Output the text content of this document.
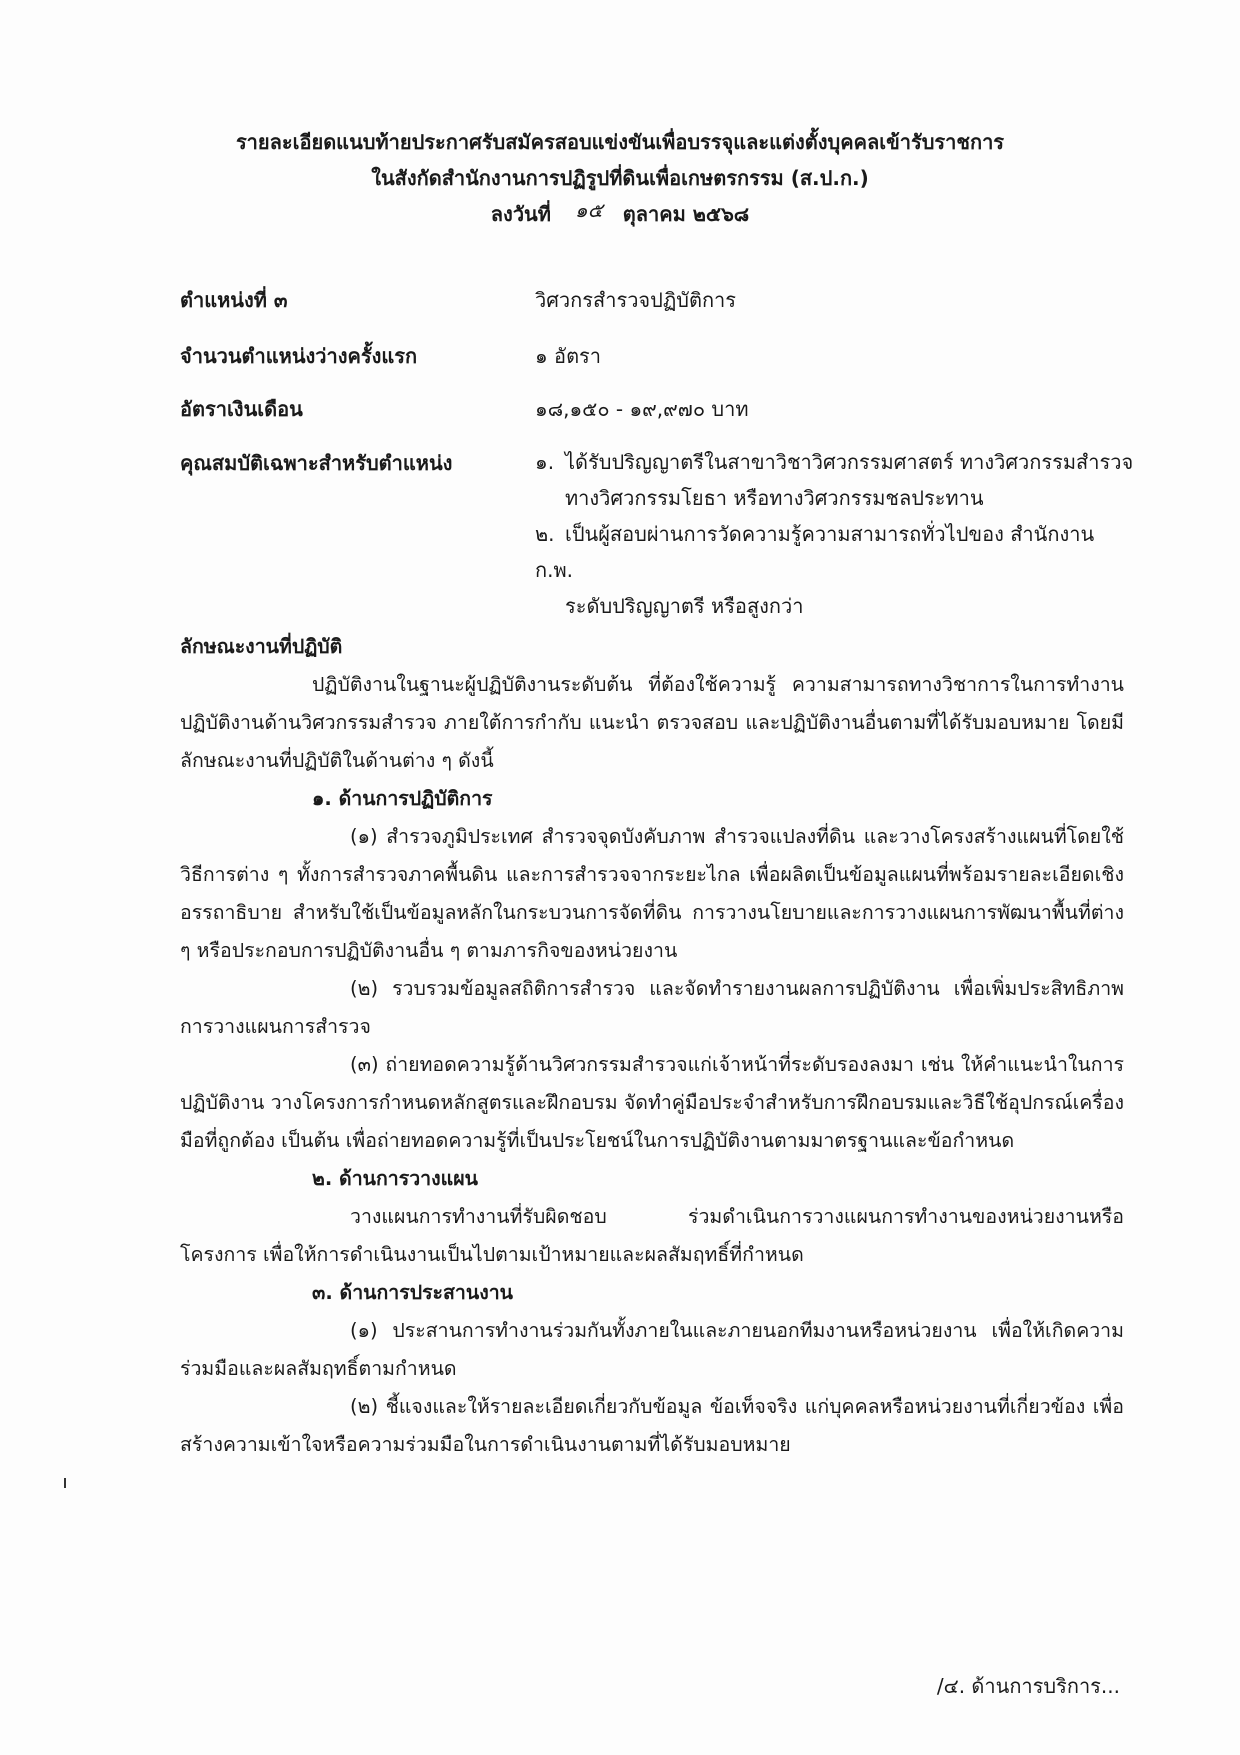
รายละเอียดแนบท้ายประกาศรับสมัครสอบแข่งขันเพื่อบรรจุและแต่งตั้งบุคคลเข้ารับราชการ
ในสังกัดสำนักงานการปฏิรูปที่ดินเพื่อเกษตรกรรม (ส.ป.ก.)
ลงวันที่ ๑๕ ตุลาคม ๒๕๖๘
ตำแหน่งที่ ๓	วิศวกรสำรวจปฏิบัติการ
จำนวนตำแหน่งว่างครั้งแรก	๑ อัตรา
อัตราเงินเดือน	๑๘,๑๕๐ - ๑๙,๙๗๐ บาท
คุณสมบัติเฉพาะสำหรับตำแหน่ง	๑. ได้รับปริญญาตรีในสาขาวิชาวิศวกรรมศาสตร์ ทางวิศวกรรมสำรวจ
ทางวิศวกรรมโยธา หรือทางวิศวกรรมชลประทาน
๒. เป็นผู้สอบผ่านการวัดความรู้ความสามารถทั่วไปของ สำนักงาน ก.พ.
ระดับปริญญาตรี หรือสูงกว่า

ลักษณะงานที่ปฏิบัติ

ปฏิบัติงานในฐานะผู้ปฏิบัติงานระดับต้น ที่ต้องใช้ความรู้ ความสามารถทางวิชาการในการทำงานปฏิบัติงานด้านวิศวกรรมสำรวจ ภายใต้การกำกับ แนะนำ ตรวจสอบ และปฏิบัติงานอื่นตามที่ได้รับมอบหมาย โดยมีลักษณะงานที่ปฏิบัติในด้านต่าง ๆ ดังนี้

๑. ด้านการปฏิบัติการ

(๑) สำรวจภูมิประเทศ สำรวจจุดบังคับภาพ สำรวจแปลงที่ดิน และวางโครงสร้างแผนที่โดยใช้วิธีการต่าง ๆ ทั้งการสำรวจภาคพื้นดิน และการสำรวจจากระยะไกล เพื่อผลิตเป็นข้อมูลแผนที่พร้อมรายละเอียดเชิงอรรถาธิบาย สำหรับใช้เป็นข้อมูลหลักในกระบวนการจัดที่ดิน การวางนโยบายและการวางแผนการพัฒนาพื้นที่ต่าง ๆ หรือประกอบการปฏิบัติงานอื่น ๆ ตามภารกิจของหน่วยงาน

(๒) รวบรวมข้อมูลสถิติการสำรวจ และจัดทำรายงานผลการปฏิบัติงาน เพื่อเพิ่มประสิทธิภาพการวางแผนการสำรวจ

(๓) ถ่ายทอดความรู้ด้านวิศวกรรมสำรวจแก่เจ้าหน้าที่ระดับรองลงมา เช่น ให้คำแนะนำในการปฏิบัติงาน วางโครงการกำหนดหลักสูตรและฝึกอบรม จัดทำคู่มือประจำสำหรับการฝึกอบรมและวิธีใช้อุปกรณ์เครื่องมือที่ถูกต้อง เป็นต้น เพื่อถ่ายทอดความรู้ที่เป็นประโยชน์ในการปฏิบัติงานตามมาตรฐานและข้อกำหนด

๒. ด้านการวางแผน

วางแผนการทำงานที่รับผิดชอบ ร่วมดำเนินการวางแผนการทำงานของหน่วยงานหรือโครงการ เพื่อให้การดำเนินงานเป็นไปตามเป้าหมายและผลสัมฤทธิ์ที่กำหนด

๓. ด้านการประสานงาน

(๑) ประสานการทำงานร่วมกันทั้งภายในและภายนอกทีมงานหรือหน่วยงาน เพื่อให้เกิดความร่วมมือและผลสัมฤทธิ์ตามกำหนด

(๒) ชี้แจงและให้รายละเอียดเกี่ยวกับข้อมูล ข้อเท็จจริง แก่บุคคลหรือหน่วยงานที่เกี่ยวข้อง เพื่อสร้างความเข้าใจหรือความร่วมมือในการดำเนินงานตามที่ได้รับมอบหมาย

/๔. ด้านการบริการ...
